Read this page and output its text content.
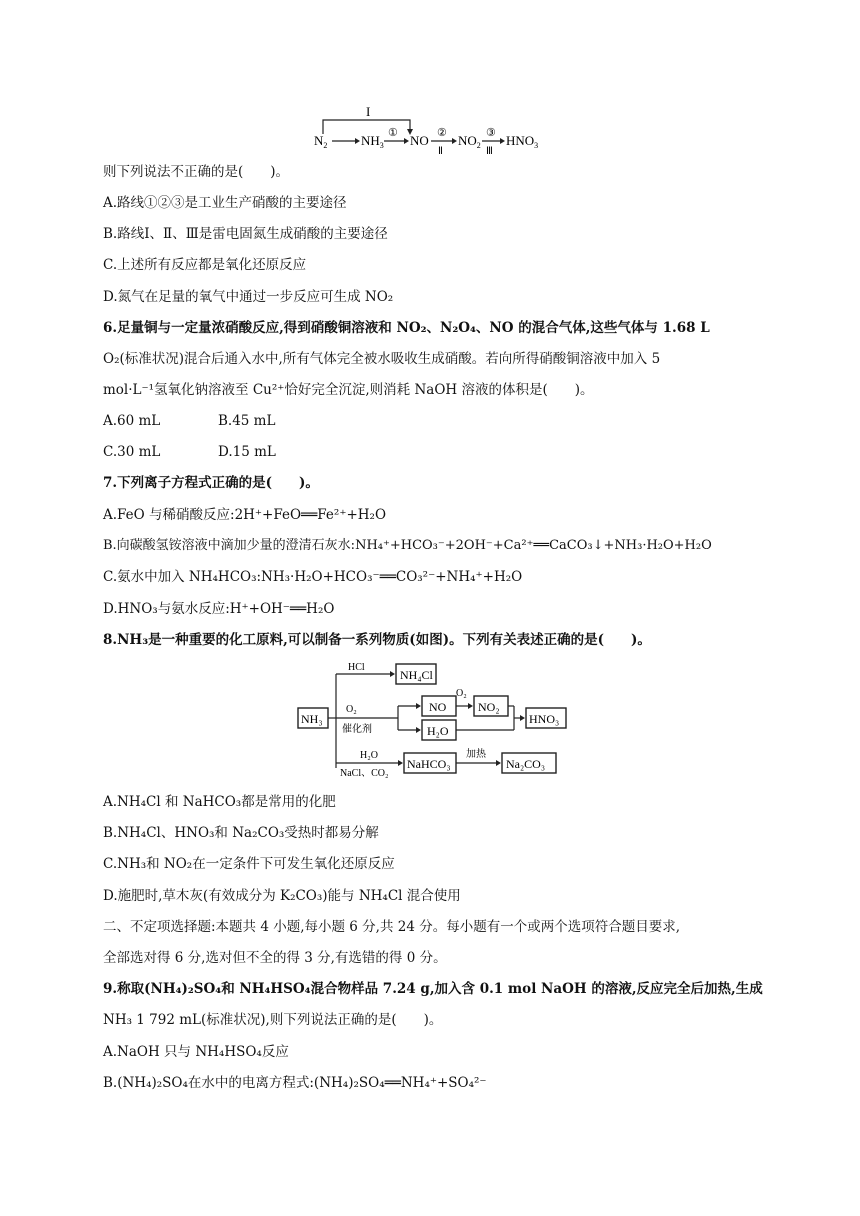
I
$N_2$	$NH_3$
① NO ②
Ⅱ
$NO_2$
③
Ⅲ
$HNO_3$
则下列说法不正确的是(　　)。
A.路线①②③是工业生产硝酸的主要途径
B.路线Ⅰ、Ⅱ、Ⅲ是雷电固氮生成硝酸的主要途径
C.上述所有反应都是氧化还原反应
D.氮气在足量的氧气中通过一步反应可生成 NO₂
6.足量铜与一定量浓硝酸反应,得到硝酸铜溶液和 NO₂、N₂O₄、NO 的混合气体,这些气体与 1.68 L
O₂(标准状况)混合后通入水中,所有气体完全被水吸收生成硝酸。若向所得硝酸铜溶液中加入 5
mol·L⁻¹氢氧化钠溶液至 Cu²⁺恰好完全沉淀,则消耗 NaOH 溶液的体积是(　　)。
A.60 mL	B.45 mL
C.30 mL	D.15 mL
7.下列离子方程式正确的是(　　)。
A.FeO 与稀硝酸反应:2H⁺+FeO══Fe²⁺+H₂O
B.向碳酸氢铵溶液中滴加少量的澄清石灰水:NH₄⁺+HCO₃⁻+2OH⁻+Ca²⁺══CaCO₃↓+NH₃·H₂O+H₂O
C.氨水中加入 NH₄HCO₃:NH₃·H₂O+HCO₃⁻══CO₃²⁻+NH₄⁺+H₂O
D.HNO₃与氨水反应:H⁺+OH⁻══H₂O
8.NH₃是一种重要的化工原料,可以制备一系列物质(如图)。下列有关表述正确的是(　　)。
NH₃
HCl
NH₄Cl
O₂
催化剂
NO
H₂O
O₂
NO₂
HNO₃
H₂O
NaCl、CO₂
NaHCO₃
加热
Na₂CO₃
A.NH₄Cl 和 NaHCO₃都是常用的化肥
B.NH₄Cl、HNO₃和 Na₂CO₃受热时都易分解
C.NH₃和 NO₂在一定条件下可发生氧化还原反应
D.施肥时,草木灰(有效成分为 K₂CO₃)能与 NH₄Cl 混合使用
二、不定项选择题:本题共 4 小题,每小题 6 分,共 24 分。每小题有一个或两个选项符合题目要求,
全部选对得 6 分,选对但不全的得 3 分,有选错的得 0 分。
9.称取(NH₄)₂SO₄和 NH₄HSO₄混合物样品 7.24 g,加入含 0.1 mol NaOH 的溶液,反应完全后加热,生成
NH₃ 1 792 mL(标准状况),则下列说法正确的是(　　)。
A.NaOH 只与 NH₄HSO₄反应
B.(NH₄)₂SO₄在水中的电离方程式:(NH₄)₂SO₄══NH₄⁺+SO₄²⁻
